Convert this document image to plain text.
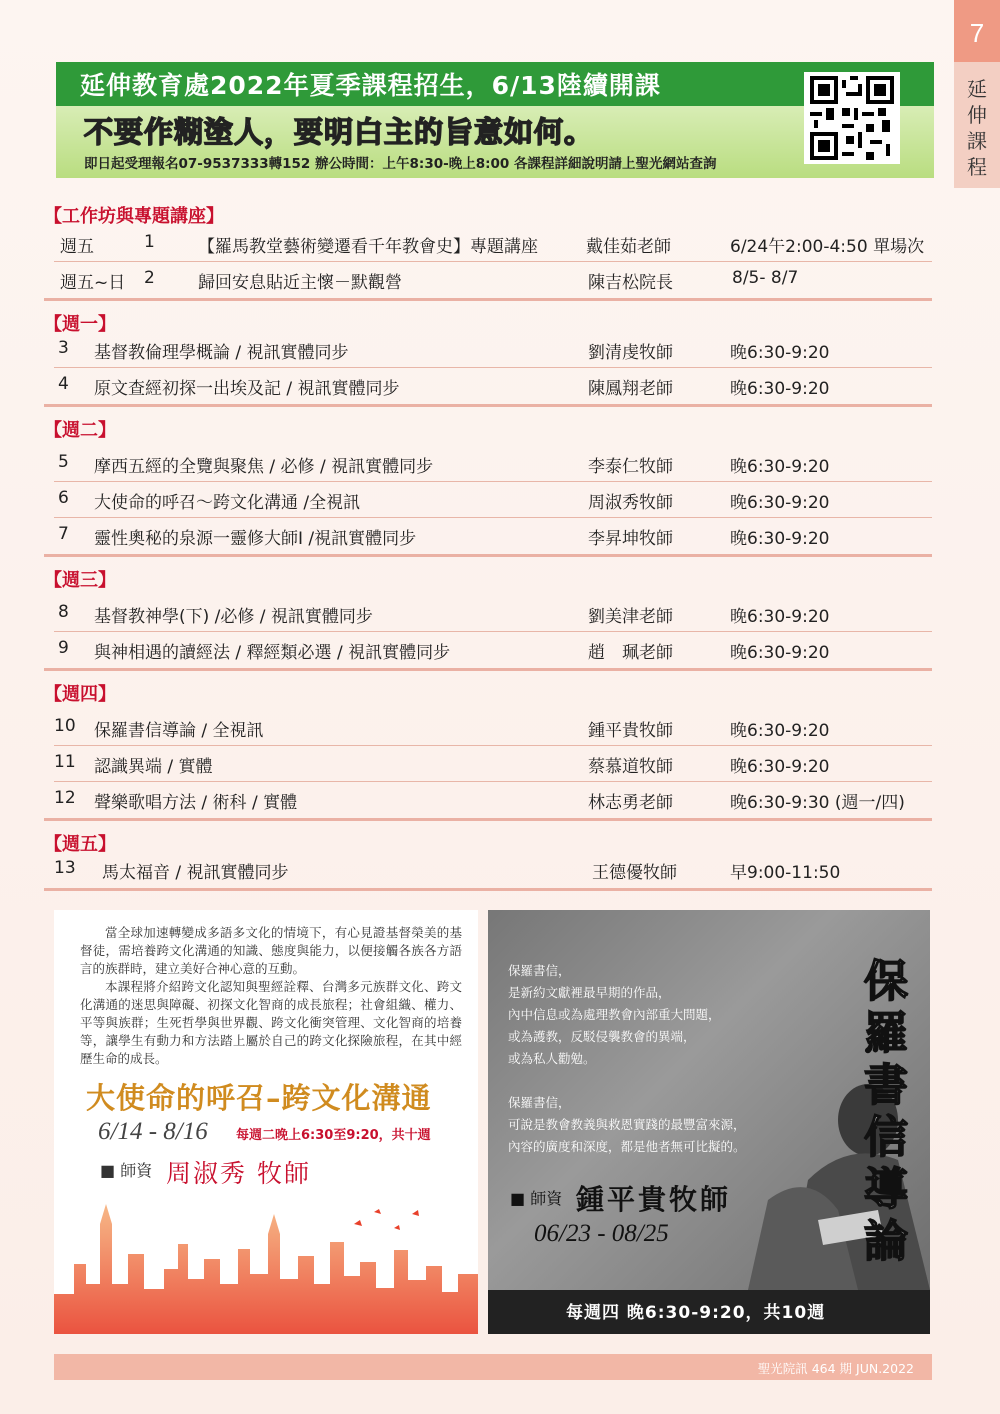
7
延伸課程
延伸教育處2022年夏季課程招生，6/13陸續開課
不要作糊塗人，要明白主的旨意如何。
即日起受理報名07-9537333轉152 辦公時間：上午8:30-晚上8:00 各課程詳細說明請上聖光網站查詢
【工作坊與專題講座】
週五	1	【羅馬教堂藝術變遷看千年教會史】專題講座	戴佳茹老師	6/24午2:00-4:50 單場次
週五~日 2	歸回安息貼近主懷－默觀營	陳吉松院長	8/5- 8/7
【週一】
3 基督教倫理學概論 / 視訊實體同步	劉清虔牧師	晚6:30-9:20
4 原文查經初探一出埃及記 / 視訊實體同步	陳鳳翔老師	晚6:30-9:20
【週二】
5 摩西五經的全覽與聚焦 / 必修 / 視訊實體同步	李泰仁牧師	晚6:30-9:20
6 大使命的呼召～跨文化溝通 /全視訊	周淑秀牧師	晚6:30-9:20
7 靈性奧秘的泉源一靈修大師Ⅰ /視訊實體同步	李昇坤牧師	晚6:30-9:20
【週三】
8 基督教神學(下) /必修 / 視訊實體同步	劉美津老師	晚6:30-9:20
9 與神相遇的讀經法 / 釋經類必選 / 視訊實體同步	趙　珮老師	晚6:30-9:20
【週四】
10 保羅書信導論 / 全視訊	鍾平貴牧師	晚6:30-9:20
11 認識異端 / 實體	蔡慕道牧師	晚6:30-9:20
12 聲樂歌唱方法 / 術科 / 實體	林志勇老師	晚6:30-9:30 (週一/四)
【週五】
13 馬太福音 / 視訊實體同步	王德優牧師	早9:00-11:50

當全球加速轉變成多語多文化的情境下，有心見證基督榮美的基督徒，需培養跨文化溝通的知識、態度與能力，以便接觸各族各方語言的族群時，建立美好合神心意的互動。

本課程將介紹跨文化認知與聖經詮釋、台灣多元族群文化、跨文化溝通的迷思與障礙、初探文化智商的成長旅程；社會組織、權力、平等與族群；生死哲學與世界觀、跨文化衝突管理、文化智商的培養等，讓學生有動力和方法踏上屬於自己的跨文化探險旅程，在其中經歷生命的成長。

大使命的呼召–跨文化溝通
6/14 - 8/16 每週二晚上6:30至9:20，共十週
■ 師資 周淑秀 牧師
保羅書信，
是新約文獻裡最早期的作品，
內中信息或為處理教會內部重大問題，
或為護教，反駁侵襲教會的異端，
或為私人勸勉。
保羅書信，
可說是教會教義與救恩實踐的最豐富來源，
內容的廣度和深度，都是他者無可比擬的。
保羅書信導論
■ 師資 鍾平貴牧師
06/23 - 08/25
每週四 晚6:30-9:20，共10週
聖光院訊 464 期 JUN.2022
